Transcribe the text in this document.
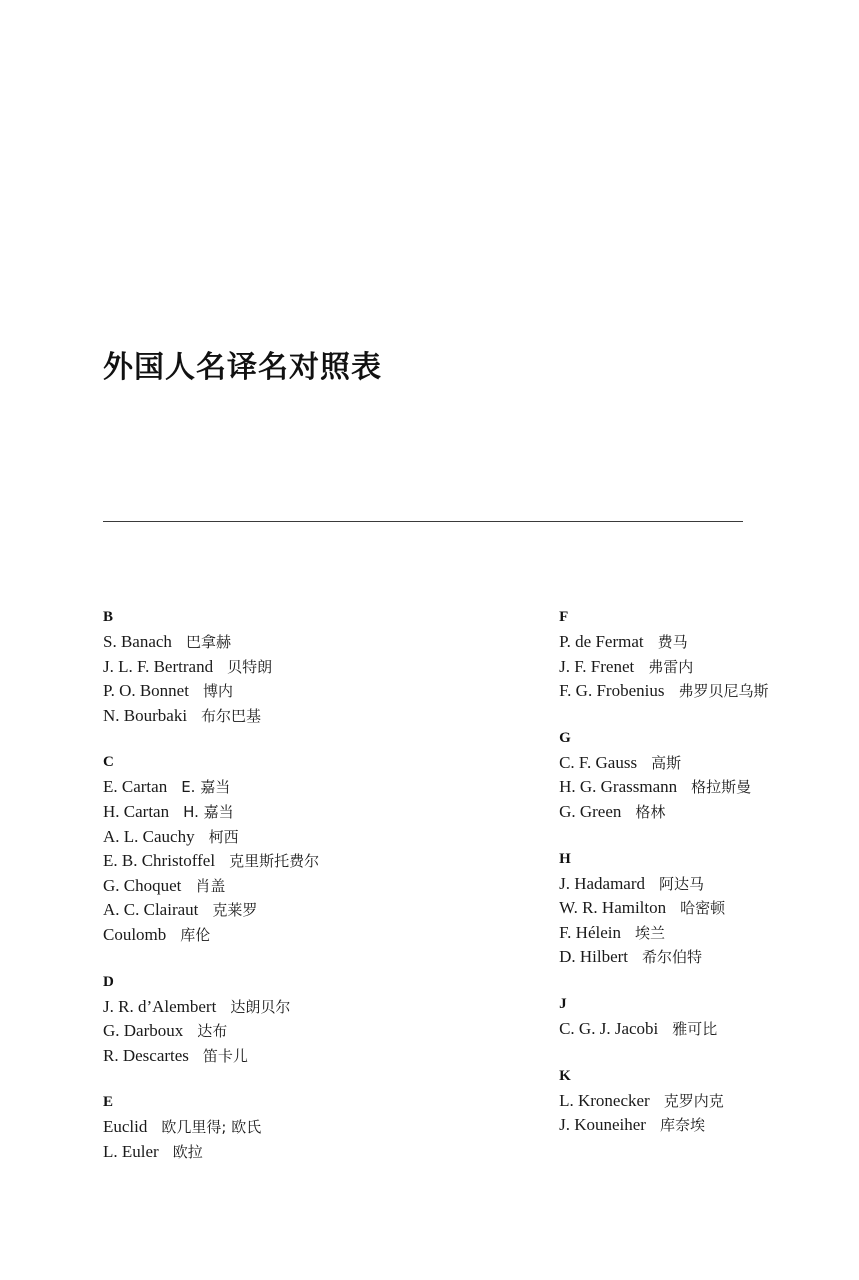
外国人名译名对照表
B
S. Banach 巴拿赫
J. L. F. Bertrand 贝特朗
P. O. Bonnet 博内
N. Bourbaki 布尔巴基
C
E. Cartan E. 嘉当
H. Cartan H. 嘉当
A. L. Cauchy 柯西
E. B. Christoffel 克里斯托费尔
G. Choquet 肖盖
A. C. Clairaut 克莱罗
Coulomb 库伦
D
J. R. d’Alembert 达朗贝尔
G. Darboux 达布
R. Descartes 笛卡儿
E
Euclid 欧几里得; 欧氏
L. Euler 欧拉
F
P. de Fermat 费马
J. F. Frenet 弗雷内
F. G. Frobenius 弗罗贝尼乌斯
G
C. F. Gauss 高斯
H. G. Grassmann 格拉斯曼
G. Green 格林
H
J. Hadamard 阿达马
W. R. Hamilton 哈密顿
F. Hélein 埃兰
D. Hilbert 希尔伯特
J
C. G. J. Jacobi 雅可比
K
L. Kronecker 克罗内克
J. Kouneiher 库奈埃
